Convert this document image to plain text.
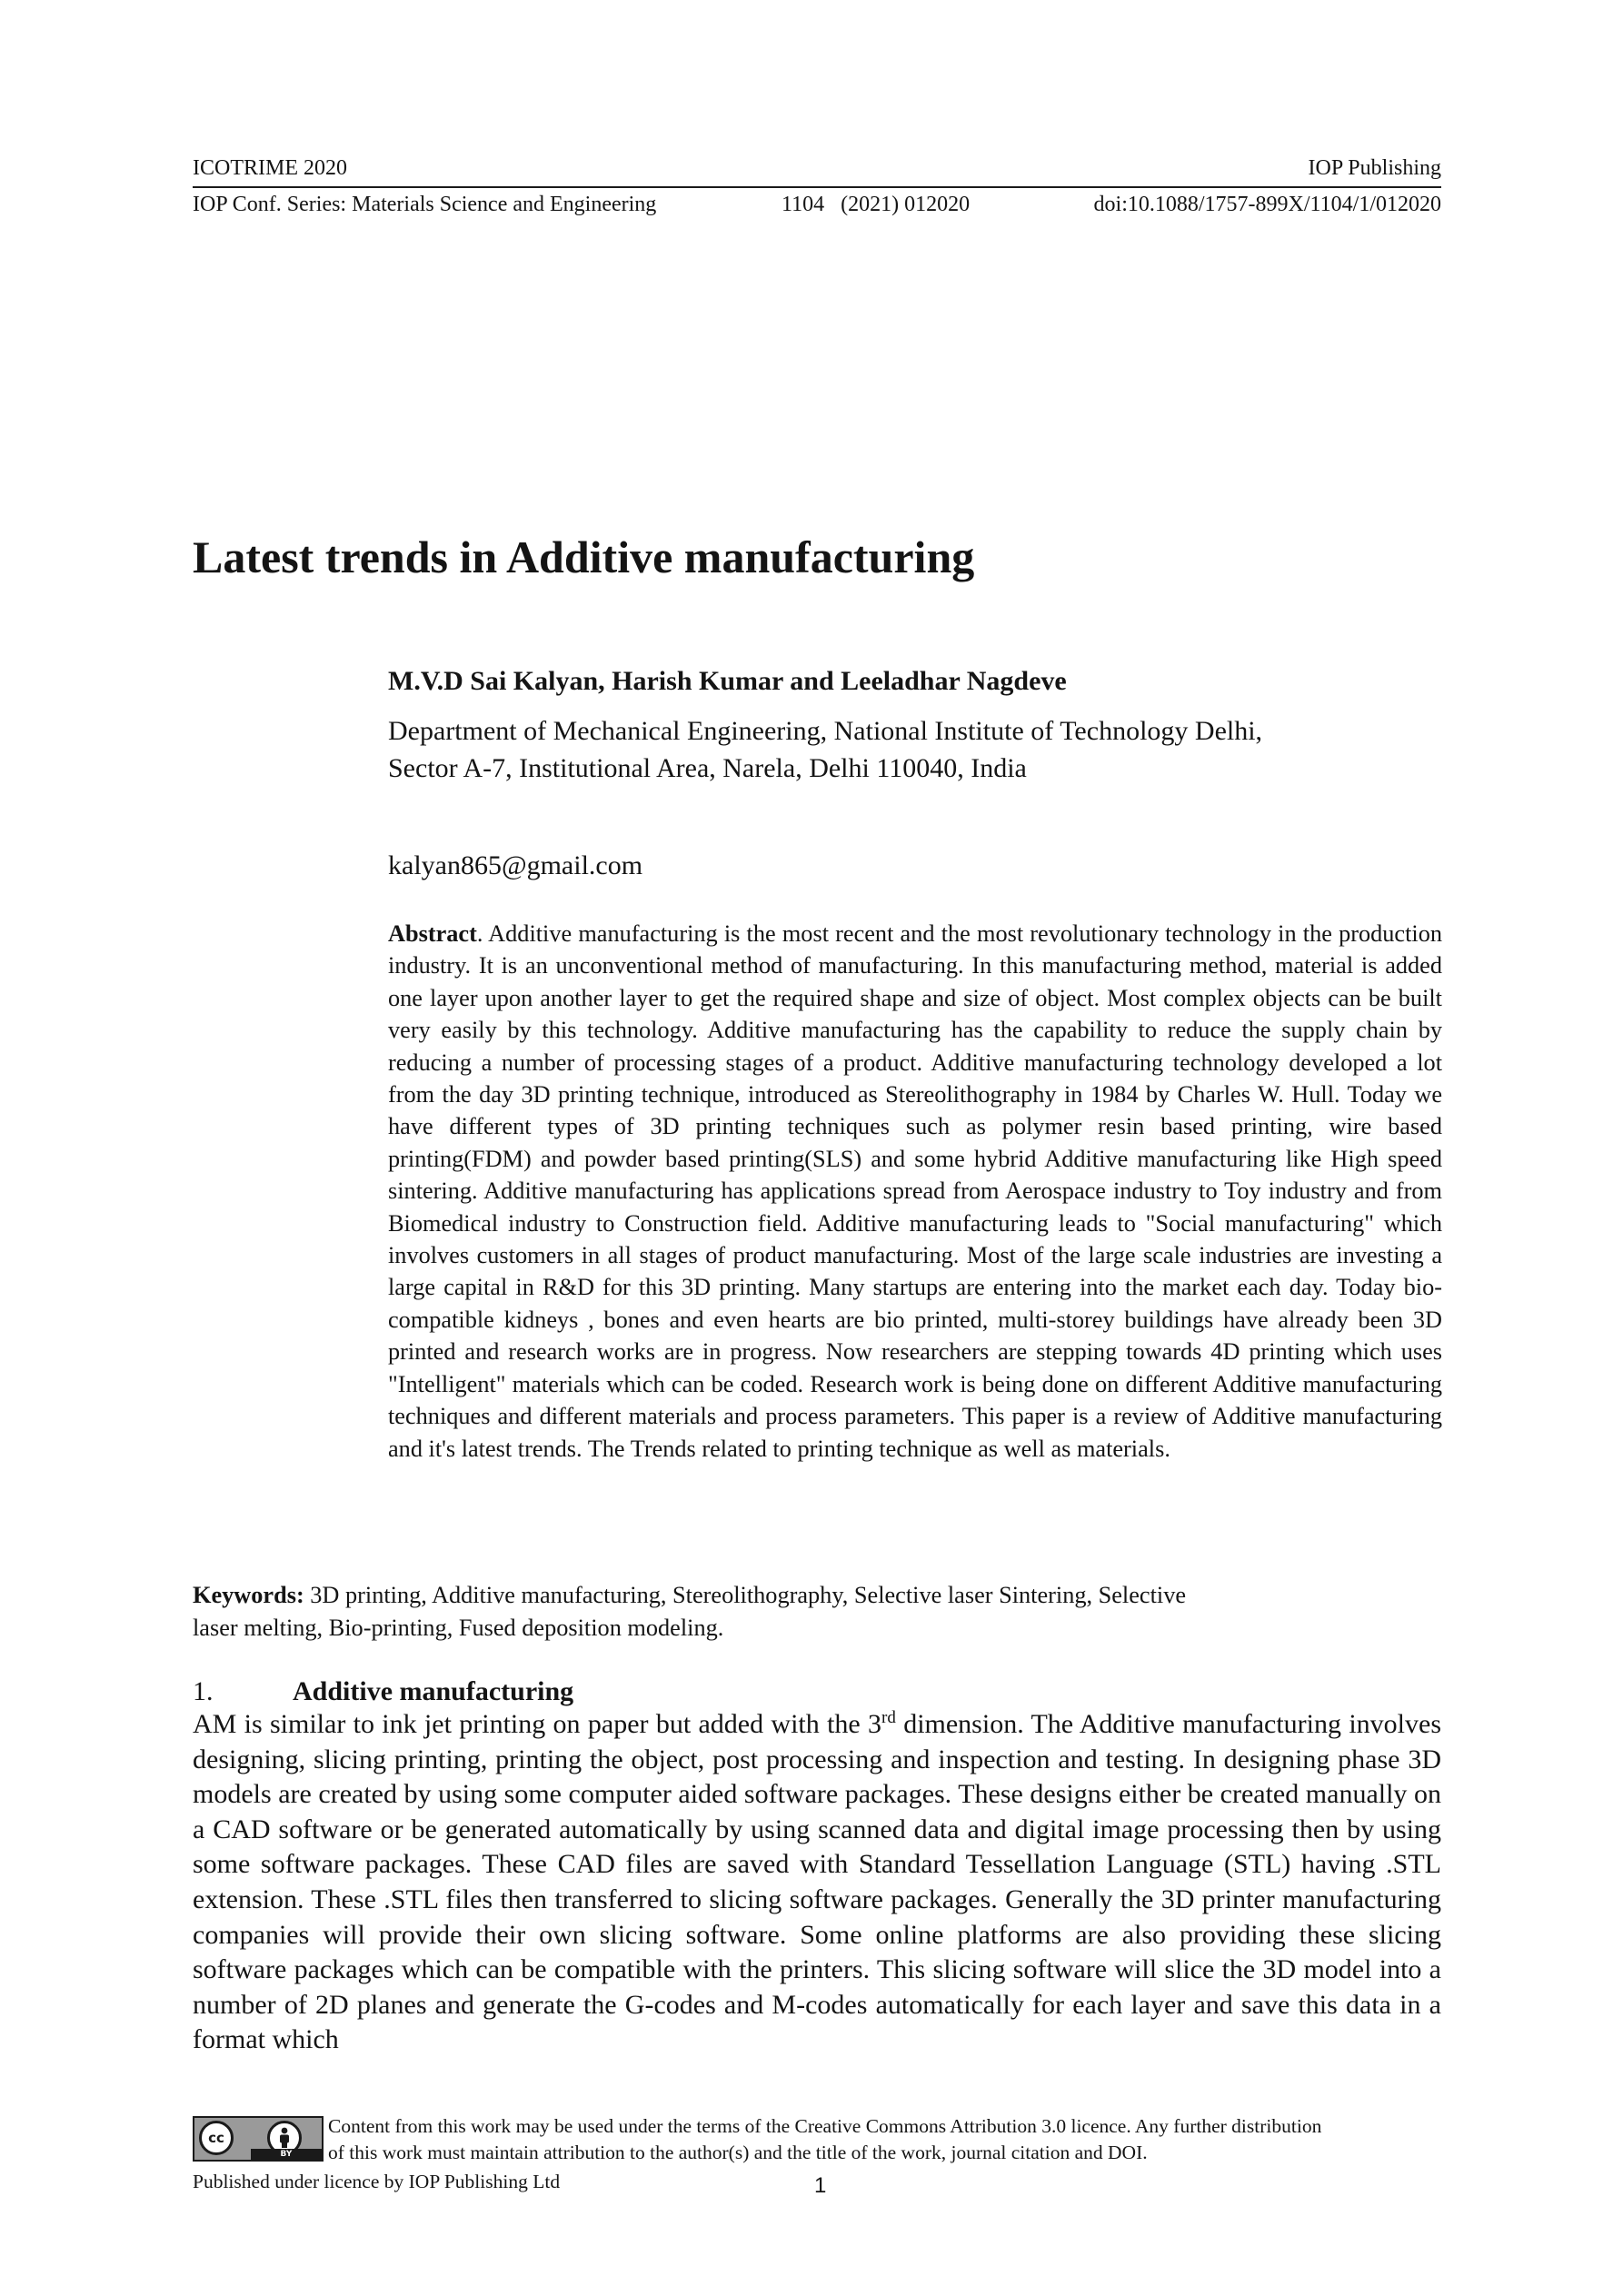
ICOTRIME 2020	IOP Publishing
IOP Conf. Series: Materials Science and Engineering	1104   (2021) 012020	doi:10.1088/1757-899X/1104/1/012020
Latest trends in Additive manufacturing
M.V.D Sai Kalyan, Harish Kumar and Leeladhar Nagdeve
Department of Mechanical Engineering, National Institute of Technology Delhi,
Sector A-7, Institutional Area, Narela, Delhi 110040, India
kalyan865@gmail.com
Abstract. Additive manufacturing is the most recent and the most revolutionary technology in the production industry. It is an unconventional method of manufacturing. In this manufacturing method, material is added one layer upon another layer to get the required shape and size of object. Most complex objects can be built very easily by this technology. Additive manufacturing has the capability to reduce the supply chain by reducing a number of processing stages of a product. Additive manufacturing technology developed a lot from the day 3D printing technique, introduced as Stereolithography in 1984 by Charles W. Hull. Today we have different types of 3D printing techniques such as polymer resin based printing, wire based printing(FDM) and powder based printing(SLS) and some hybrid Additive manufacturing like High speed sintering. Additive manufacturing has applications spread from Aerospace industry to Toy industry and from Biomedical industry to Construction field. Additive manufacturing leads to "Social manufacturing" which involves customers in all stages of product manufacturing. Most of the large scale industries are investing a large capital in R&D for this 3D printing. Many startups are entering into the market each day. Today bio-compatible kidneys , bones and even hearts are bio printed, multi-storey buildings have already been 3D printed and research works are in progress. Now researchers are stepping towards 4D printing which uses "Intelligent" materials which can be coded. Research work is being done on different Additive manufacturing techniques and different materials and process parameters. This paper is a review of Additive manufacturing and it's latest trends. The Trends related to printing technique as well as materials.
Keywords: 3D printing, Additive manufacturing, Stereolithography, Selective laser Sintering, Selective
laser melting, Bio-printing, Fused deposition modeling.
1.	Additive manufacturing
AM is similar to ink jet printing on paper but added with the 3rd dimension. The Additive manufacturing involves designing, slicing printing, printing the object, post processing and inspection and testing. In designing phase 3D models are created by using some computer aided software packages. These designs either be created manually on a CAD software or be generated automatically by using scanned data and digital image processing then by using some software packages. These CAD files are saved with Standard Tessellation Language (STL) having .STL extension. These .STL files then transferred to slicing software packages. Generally the 3D printer manufacturing companies will provide their own slicing software. Some online platforms are also providing these slicing software packages which can be compatible with the printers. This slicing software will slice the 3D model into a number of 2D planes and generate the G-codes and M-codes automatically for each layer and save this data in a format which
cc
BY
Content from this work may be used under the terms of the Creative Commons Attribution 3.0 licence. Any further distribution
of this work must maintain attribution to the author(s) and the title of the work, journal citation and DOI.
Published under licence by IOP Publishing Ltd	1
